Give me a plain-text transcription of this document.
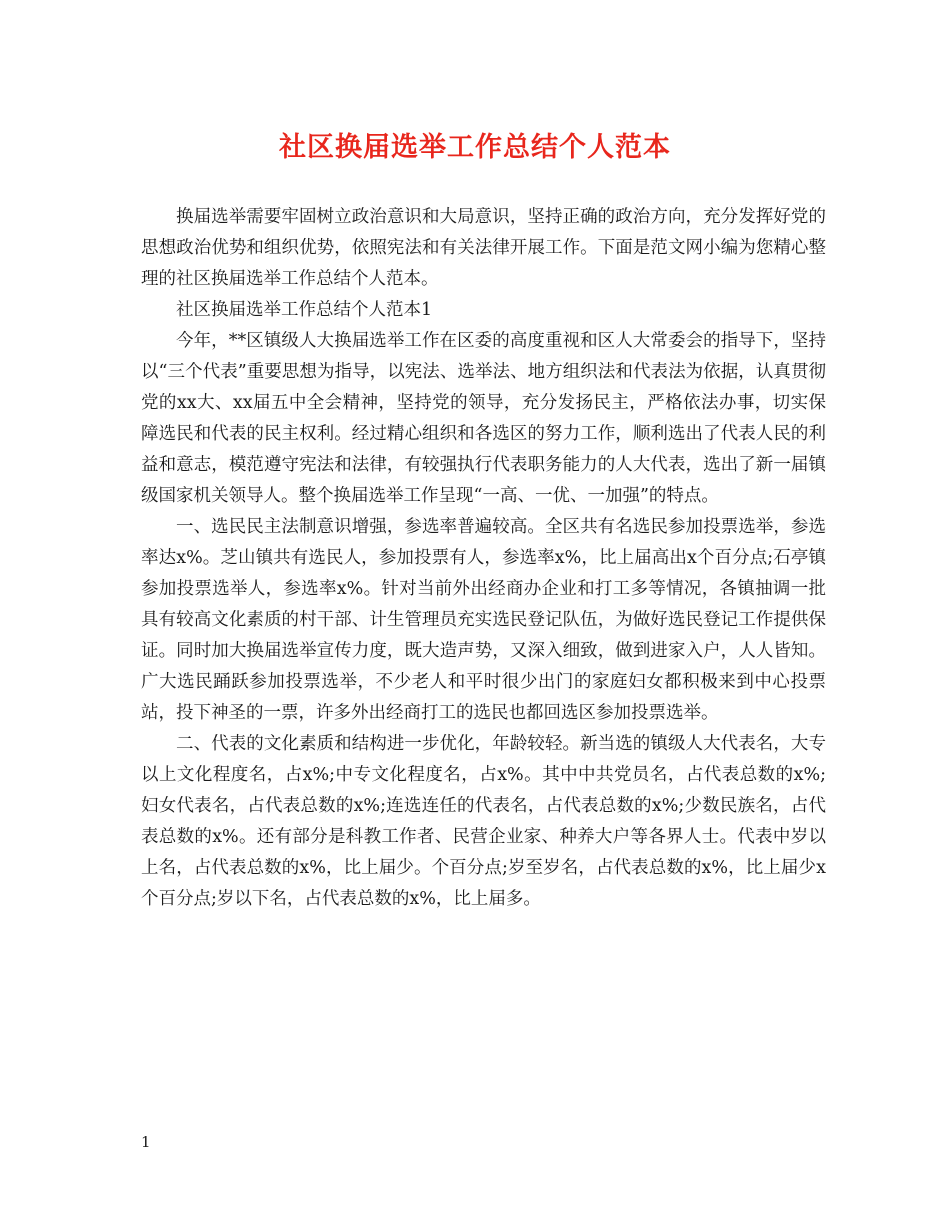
社区换届选举工作总结个人范本

换届选举需要牢固树立政治意识和大局意识，坚持正确的政治方向，充分发挥好党的思想政治优势和组织优势，依照宪法和有关法律开展工作。下面是范文网小编为您精心整理的社区换届选举工作总结个人范本。

社区换届选举工作总结个人范本1

今年，**区镇级人大换届选举工作在区委的高度重视和区人大常委会的指导下，坚持以“三个代表”重要思想为指导，以宪法、选举法、地方组织法和代表法为依据，认真贯彻党的xx大、xx届五中全会精神，坚持党的领导，充分发扬民主，严格依法办事，切实保障选民和代表的民主权利。经过精心组织和各选区的努力工作，顺利选出了代表人民的利益和意志，模范遵守宪法和法律，有较强执行代表职务能力的人大代表，选出了新一届镇级国家机关领导人。整个换届选举工作呈现“一高、一优、一加强”的特点。

一、选民民主法制意识增强，参选率普遍较高。全区共有名选民参加投票选举，参选率达x%。芝山镇共有选民人，参加投票有人，参选率x%，比上届高出x个百分点;石亭镇参加投票选举人，参选率x%。针对当前外出经商办企业和打工多等情况，各镇抽调一批具有较高文化素质的村干部、计生管理员充实选民登记队伍，为做好选民登记工作提供保证。同时加大换届选举宣传力度，既大造声势，又深入细致，做到进家入户，人人皆知。广大选民踊跃参加投票选举，不少老人和平时很少出门的家庭妇女都积极来到中心投票站，投下神圣的一票，许多外出经商打工的选民也都回选区参加投票选举。

二、代表的文化素质和结构进一步优化，年龄较轻。新当选的镇级人大代表名，大专以上文化程度名，占x%;中专文化程度名，占x%。其中中共党员名，占代表总数的x%;妇女代表名，占代表总数的x%;连选连任的代表名，占代表总数的x%;少数民族名，占代表总数的x%。还有部分是科教工作者、民营企业家、种养大户等各界人士。代表中岁以上名，占代表总数的x%，比上届少。个百分点;岁至岁名，占代表总数的x%，比上届少x个百分点;岁以下名，占代表总数的x%，比上届多。

1
